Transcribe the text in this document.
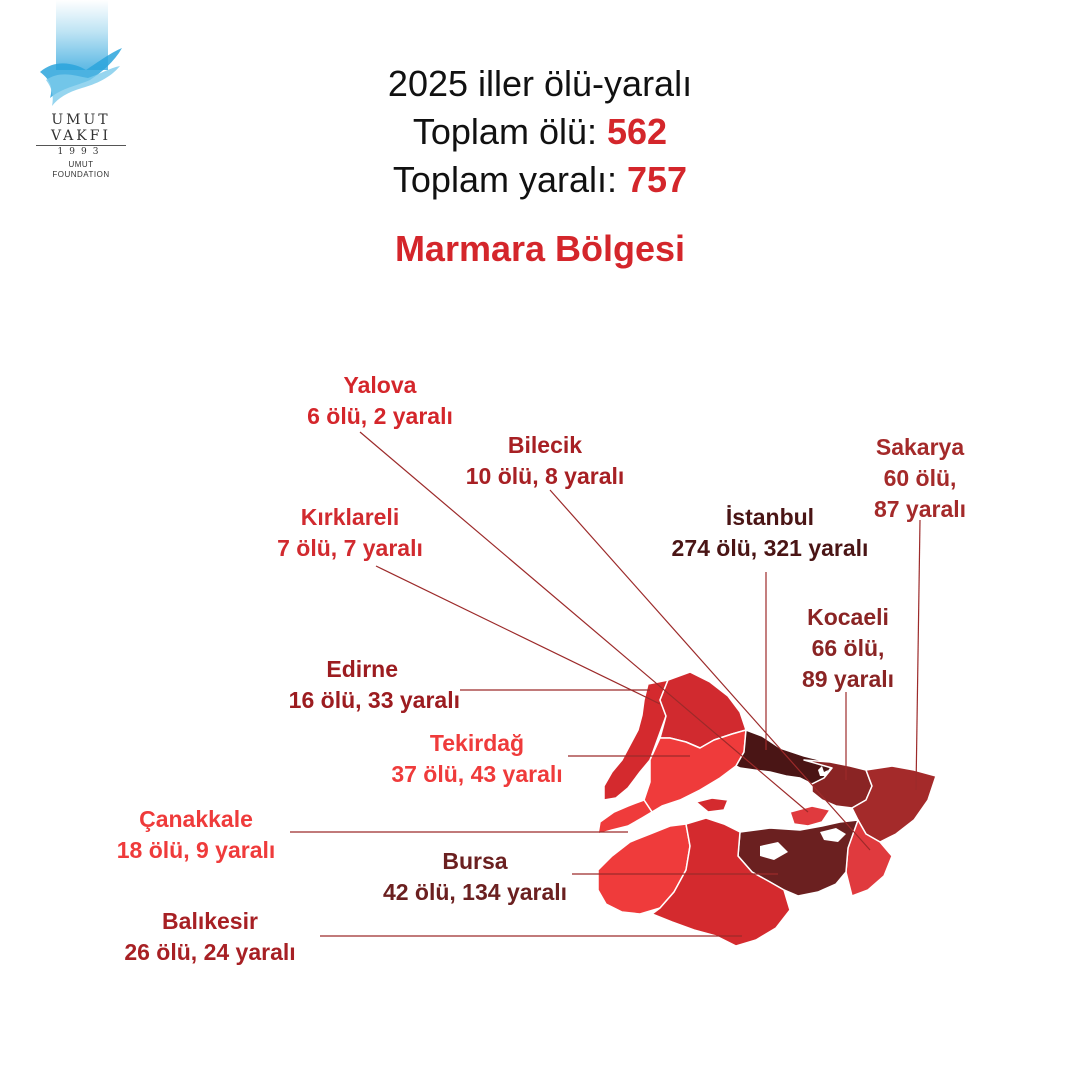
UMUT
VAKFI
1993
UMUT
FOUNDATION
2025 iller ölü-yaralı
Toplam ölü: 562
Toplam yaralı: 757
Marmara Bölgesi
Yalova
6 ölü, 2 yaralı
Bilecik
10 ölü, 8 yaralı
Kırklareli
7 ölü, 7 yaralı
İstanbul
274 ölü, 321 yaralı
Sakarya
60 ölü,
87 yaralı
Kocaeli
66 ölü,
89 yaralı
Edirne
16 ölü, 33 yaralı
Tekirdağ
37 ölü, 43 yaralı
Çanakkale
18 ölü, 9 yaralı	Bursa
42 ölü, 134 yaralı
Balıkesir
26 ölü, 24 yaralı
